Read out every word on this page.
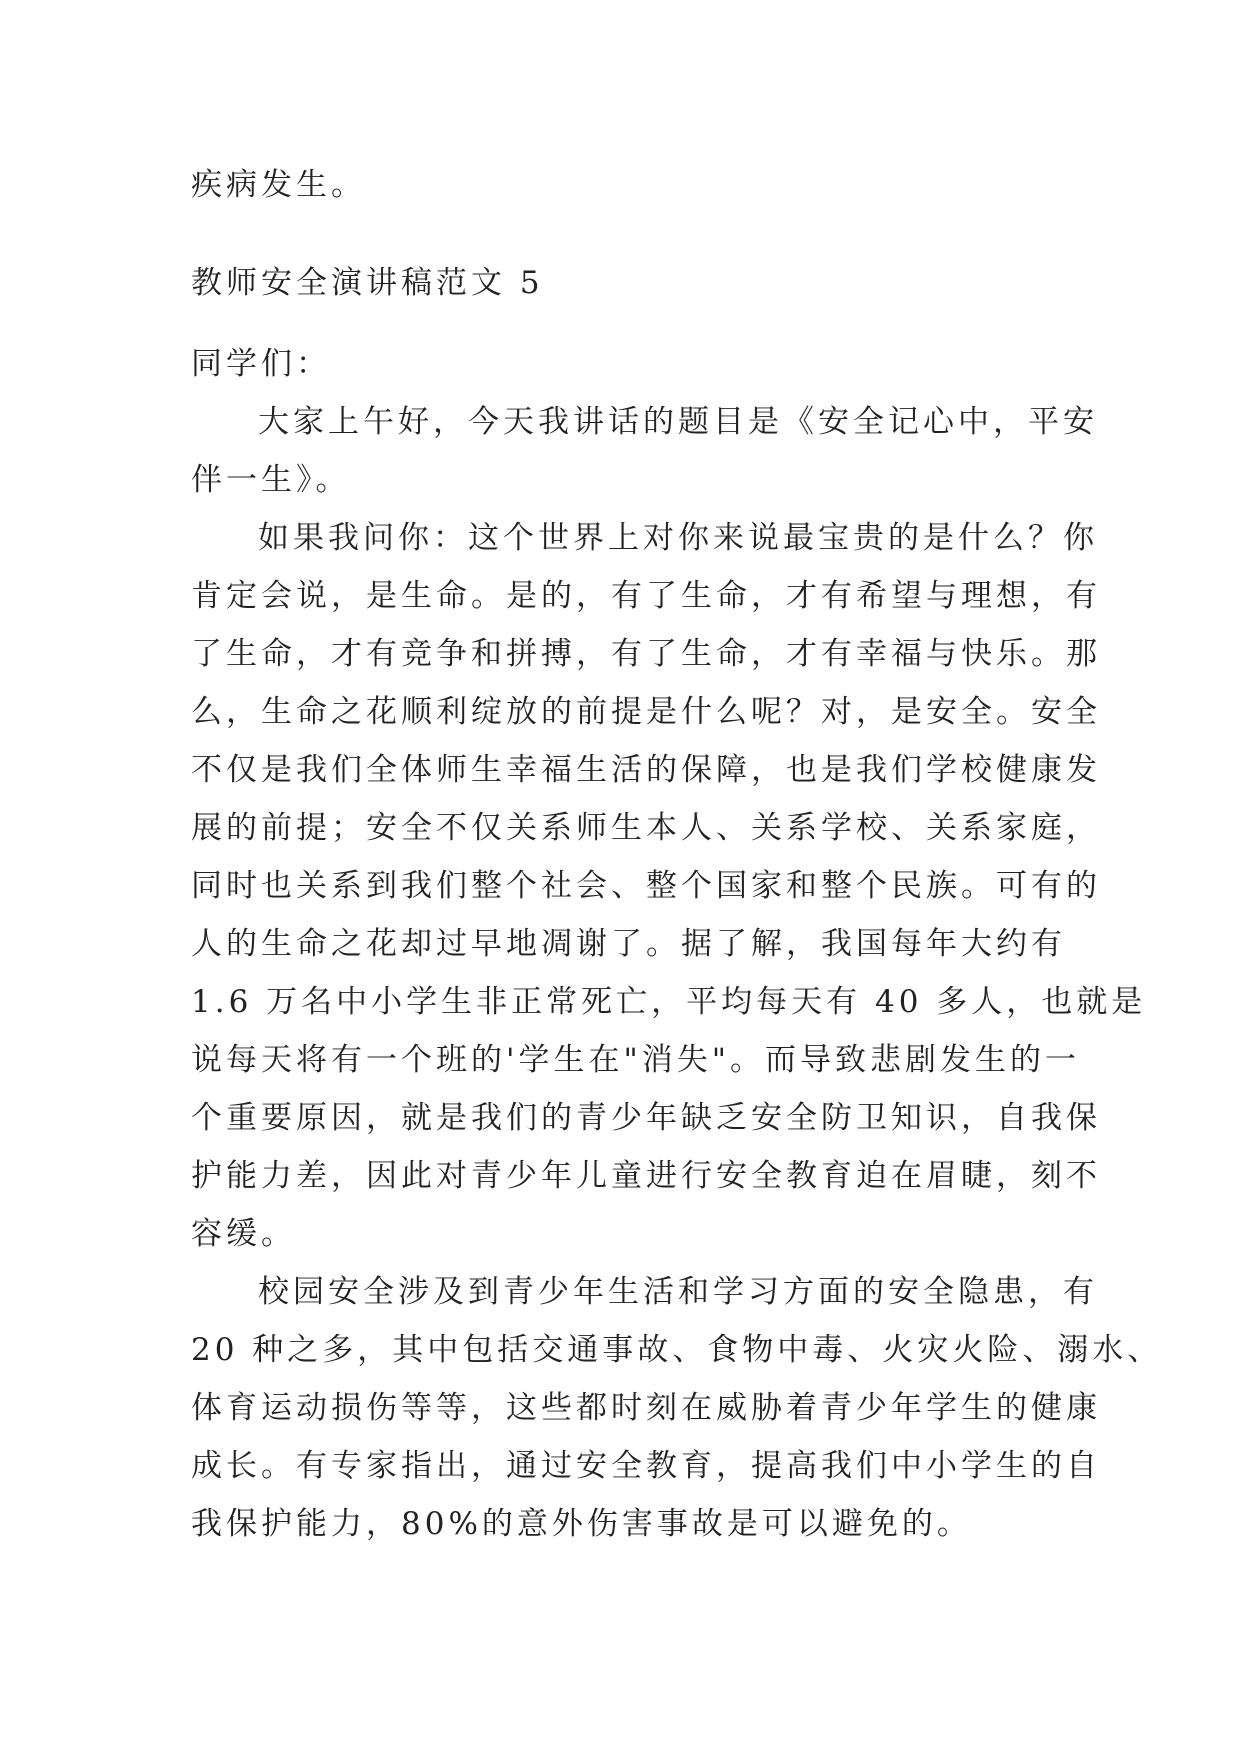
疾病发生。
教师安全演讲稿范文 5
同学们：
大家上午好，今天我讲话的题目是《安全记心中，平安
伴一生》。
如果我问你：这个世界上对你来说最宝贵的是什么？你
肯定会说，是生命。是的，有了生命，才有希望与理想，有
了生命，才有竞争和拼搏，有了生命，才有幸福与快乐。那
么，生命之花顺利绽放的前提是什么呢？对，是安全。安全
不仅是我们全体师生幸福生活的保障，也是我们学校健康发
展的前提；安全不仅关系师生本人、关系学校、关系家庭，
同时也关系到我们整个社会、整个国家和整个民族。可有的
人的生命之花却过早地凋谢了。据了解，我国每年大约有
1.6 万名中小学生非正常死亡，平均每天有 40 多人，也就是
说每天将有一个班的'学生在"消失"。而导致悲剧发生的一
个重要原因，就是我们的青少年缺乏安全防卫知识，自我保
护能力差，因此对青少年儿童进行安全教育迫在眉睫，刻不
容缓。
校园安全涉及到青少年生活和学习方面的安全隐患，有
20 种之多，其中包括交通事故、食物中毒、火灾火险、溺水、
体育运动损伤等等，这些都时刻在威胁着青少年学生的健康
成长。有专家指出，通过安全教育，提高我们中小学生的自
我保护能力，80%的意外伤害事故是可以避免的。
